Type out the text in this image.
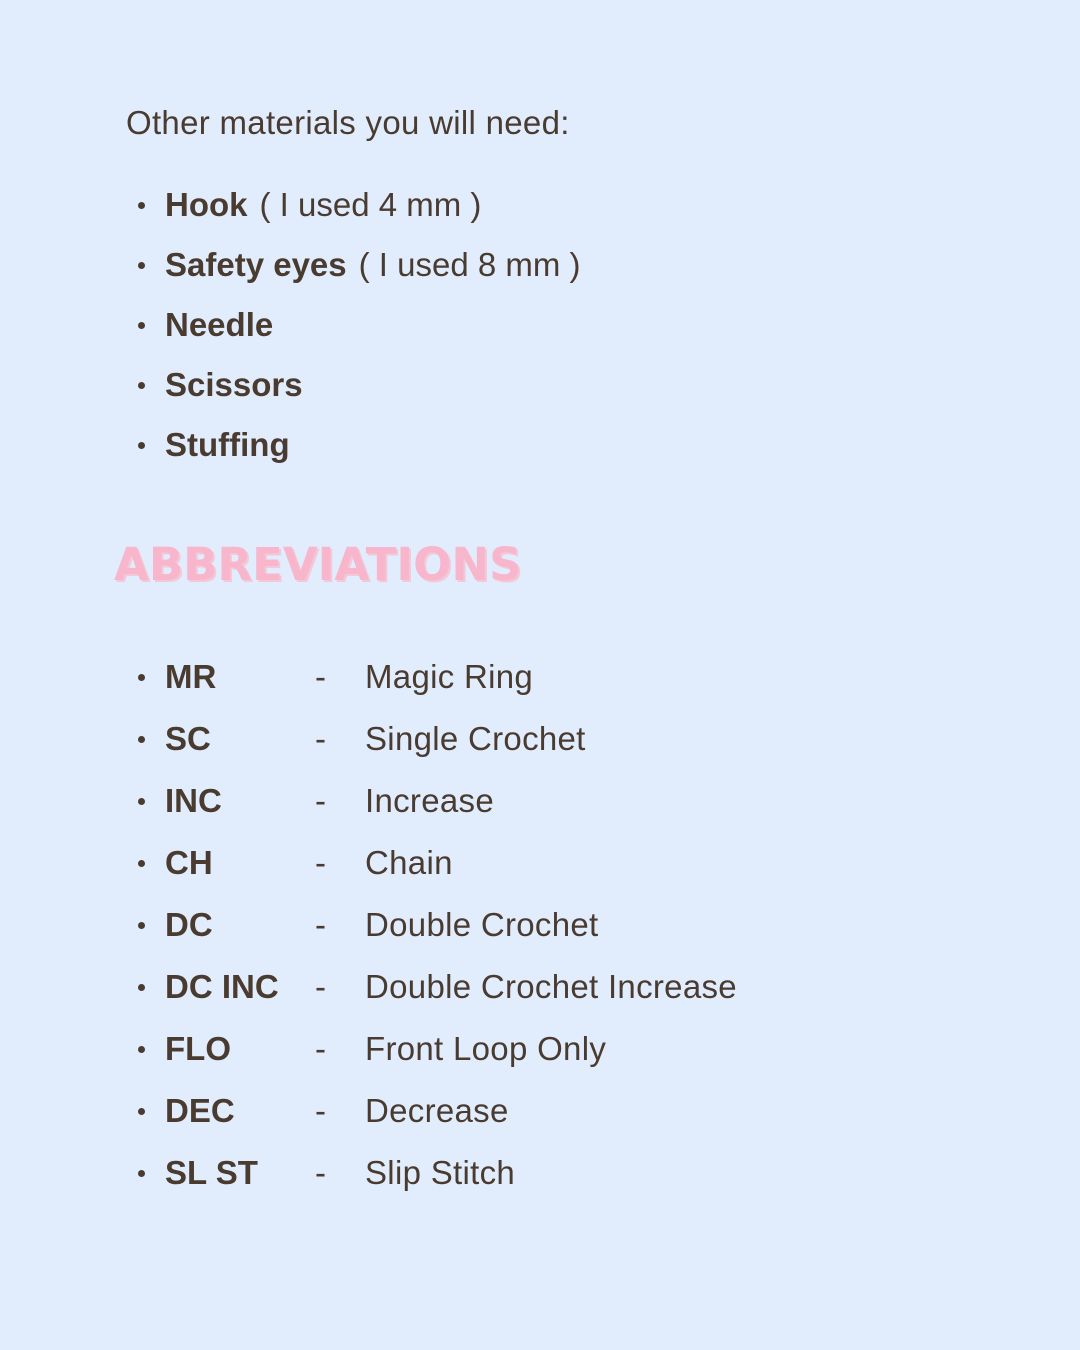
Other materials you will need:

Hook ( I used 4 mm )
Safety eyes ( I used 8 mm )
Needle
Scissors
Stuffing
ABBREVIATIONS
MR	-	Magic Ring
SC	-	Single Crochet
INC	-	Increase
CH	-	Chain
DC	-	Double Crochet
DC INC	-	Double Crochet Increase
FLO	-	Front Loop Only
DEC	-	Decrease
SL ST	-	Slip Stitch
